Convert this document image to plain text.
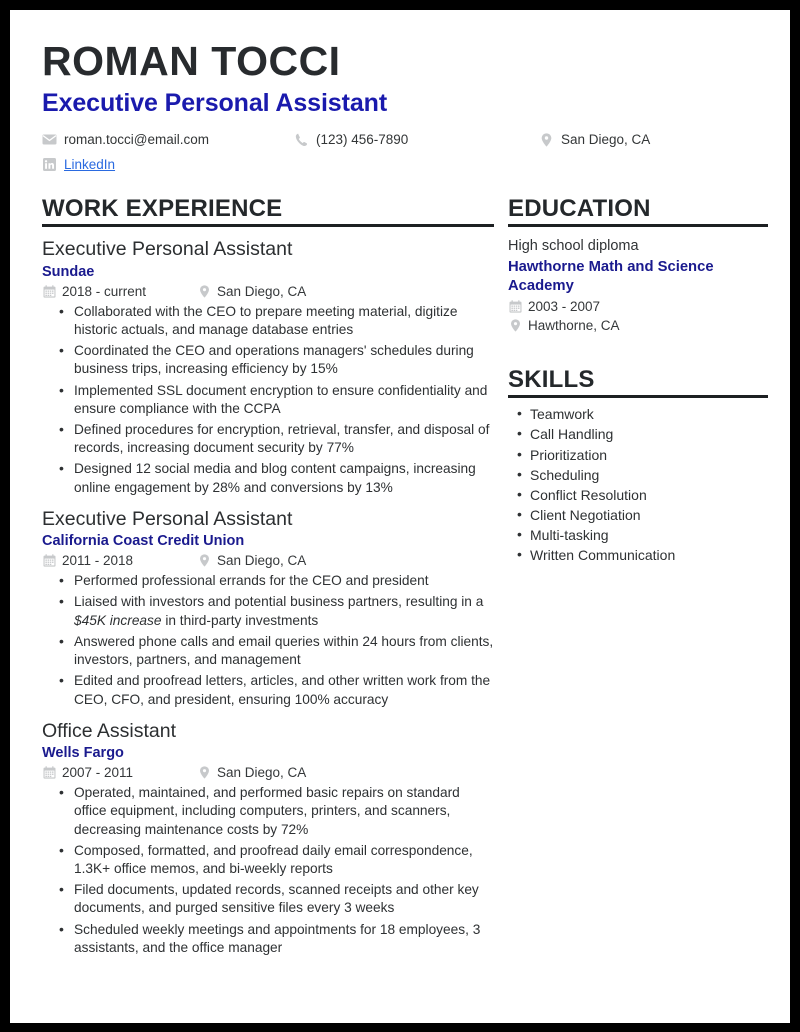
ROMAN TOCCI
Executive Personal Assistant
roman.tocci@email.com	(123) 456-7890	San Diego, CA
LinkedIn
WORK EXPERIENCE
Executive Personal Assistant
Sundae
2018 - current	San Diego, CA
• Collaborated with the CEO to prepare meeting material, digitize historic actuals, and manage database entries
• Coordinated the CEO and operations managers' schedules during business trips, increasing efficiency by 15%
• Implemented SSL document encryption to ensure confidentiality and ensure compliance with the CCPA
• Defined procedures for encryption, retrieval, transfer, and disposal of records, increasing document security by 77%
• Designed 12 social media and blog content campaigns, increasing online engagement by 28% and conversions by 13%
Executive Personal Assistant
California Coast Credit Union
2011 - 2018	San Diego, CA
• Performed professional errands for the CEO and president
• Liaised with investors and potential business partners, resulting in a $45K increase in third-party investments
• Answered phone calls and email queries within 24 hours from clients, investors, partners, and management
• Edited and proofread letters, articles, and other written work from the CEO, CFO, and president, ensuring 100% accuracy
Office Assistant
Wells Fargo
2007 - 2011	San Diego, CA
• Operated, maintained, and performed basic repairs on standard office equipment, including computers, printers, and scanners, decreasing maintenance costs by 72%
• Composed, formatted, and proofread daily email correspondence, 1.3K+ office memos, and bi-weekly reports
• Filed documents, updated records, scanned receipts and other key documents, and purged sensitive files every 3 weeks
• Scheduled weekly meetings and appointments for 18 employees, 3 assistants, and the office manager
EDUCATION
High school diploma
Hawthorne Math and Science Academy
2003 - 2007
Hawthorne, CA
SKILLS
• Teamwork
• Call Handling
• Prioritization
• Scheduling
• Conflict Resolution
• Client Negotiation
• Multi-tasking
• Written Communication
